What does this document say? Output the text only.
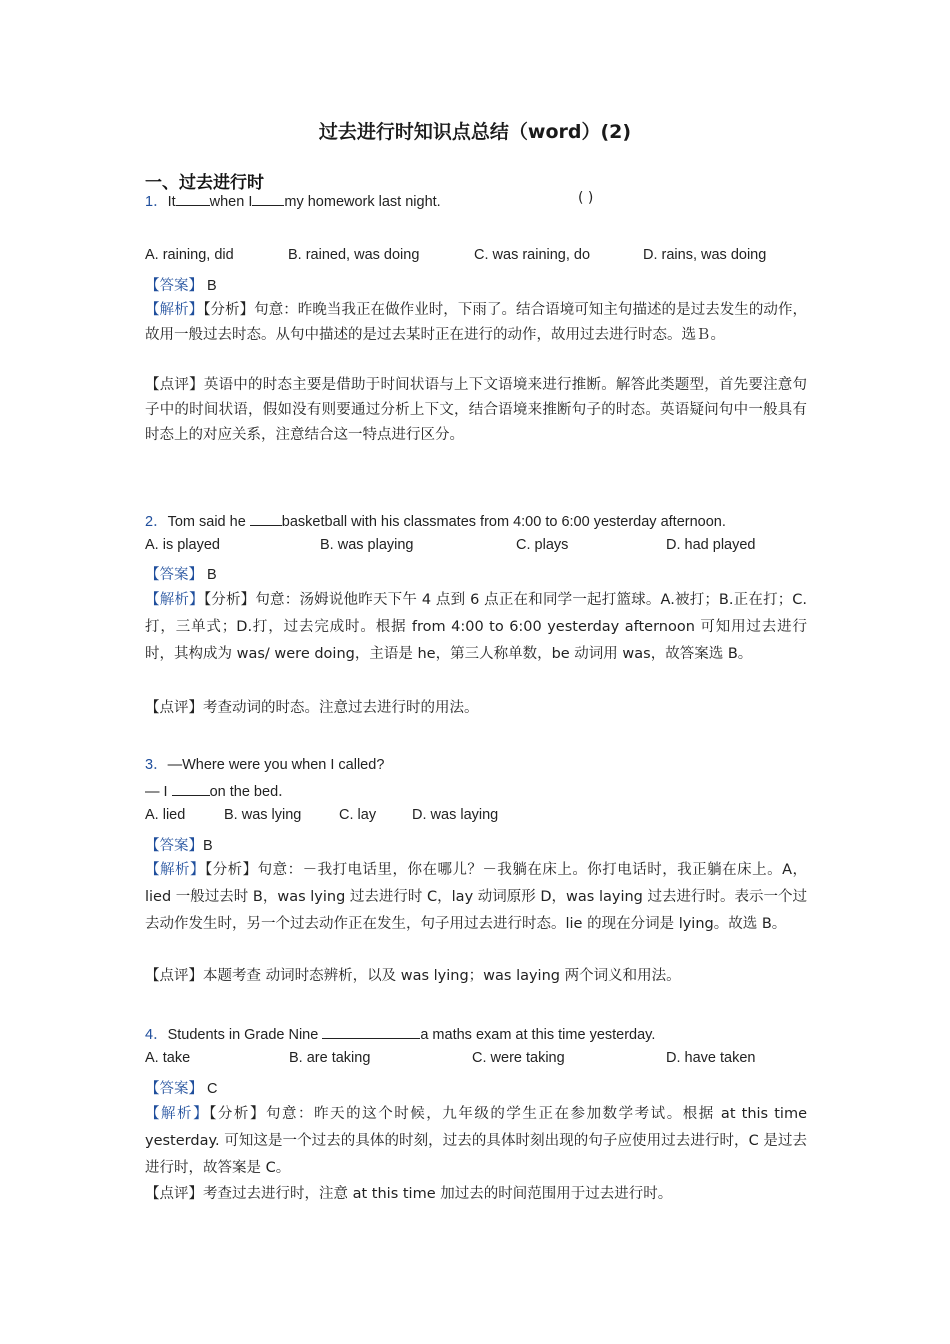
过去进行时知识点总结（word）(2)
一、过去进行时
1．It when I my homework last night.	( )
A. raining, did	B. rained, was doing	C. was raining, do	D. rains, was doing
【答案】 B
【解析】【分析】句意：昨晚当我正在做作业时，下雨了。结合语境可知主句描述的是过去发生的动作，故用一般过去时态。从句中描述的是过去某时正在进行的动作，故用过去进行时态。选Ｂ。
【点评】英语中的时态主要是借助于时间状语与上下文语境来进行推断。解答此类题型，首先要注意句子中的时间状语，假如没有则要通过分析上下文，结合语境来推断句子的时态。英语疑问句中一般具有时态上的对应关系，注意结合这一特点进行区分。
2．Tom said he basketball with his classmates from 4:00 to 6:00 yesterday afternoon.
A. is played	B. was playing	C. plays	D. had played
【答案】 B
【解析】【分析】句意：汤姆说他昨天下午 4 点到 6 点正在和同学一起打篮球。A.被打；B.正在打；C.打，三单式；D.打，过去完成时。根据 from 4:00 to 6:00 yesterday afternoon 可知用过去进行时，其构成为 was/ were doing，主语是 he，第三人称单数，be 动词用 was，故答案选 B。
【点评】考查动词的时态。注意过去进行时的用法。
3．—Where were you when I called?
— I	on the bed．
A. lied	B. was lying	C. lay D. was laying
【答案】B
【解析】【分析】句意：－我打电话里，你在哪儿？－我躺在床上。你打电话时，我正躺在床上。A，lied 一般过去时 B，was lying 过去进行时 C，lay 动词原形 D，was laying 过去进行时。表示一个过去动作发生时，另一个过去动作正在发生，句子用过去进行时态。lie 的现在分词是 lying。故选 B。
【点评】本题考查 动词时态辨析，以及 was lying；was laying 两个词义和用法。
4．Students in Grade Nine	a maths exam at this time yesterday.
A. take	B. are taking	C. were taking	D. have taken
【答案】 C
【解析】【分析】句意：昨天的这个时候，九年级的学生正在参加数学考试。根据 at this time yesterday. 可知这是一个过去的具体的时刻，过去的具体时刻出现的句子应使用过去进行时，C 是过去进行时，故答案是 C。
【点评】考查过去进行时，注意 at this time 加过去的时间范围用于过去进行时。
